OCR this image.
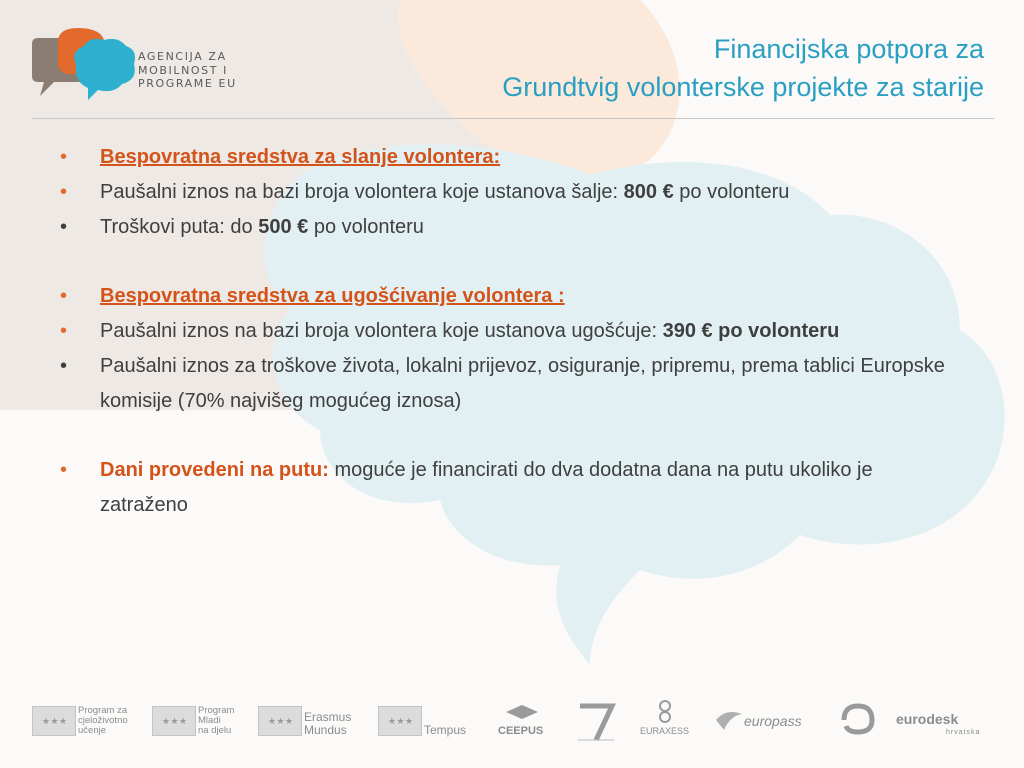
AGENCIJA ZA
MOBILNOST I
PROGRAME EU
Financijska potpora za
Grundtvig volonterske projekte za starije
•	Bespovratna sredstva za slanje volontera:
•	Paušalni iznos na bazi broja volontera koje ustanova šalje: 800 € po volonteru
•	Troškovi puta: do 500 € po volonteru
•	Bespovratna sredstva za ugošćivanje volontera :
•	Paušalni iznos na bazi broja volontera koje ustanova ugošćuje: 390 € po volonteru
•	Paušalni iznos za troškove života, lokalni prijevoz, osiguranje, pripremu, prema tablici Europske komisije (70% najvišeg mogućeg iznosa)
•	Dani provedeni na putu: moguće je financirati do dva dodatna dana na putu ukoliko je zatraženo
★ ★ ★
Program za
cjeloživotno
učenje
★ ★ ★
Program
Mladi
na djelu
★ ★ ★ Erasmus
Mundus
★ ★ ★
Tempus	CEEPUS	EURAXESS
europass	eurodesk
hrvatska
